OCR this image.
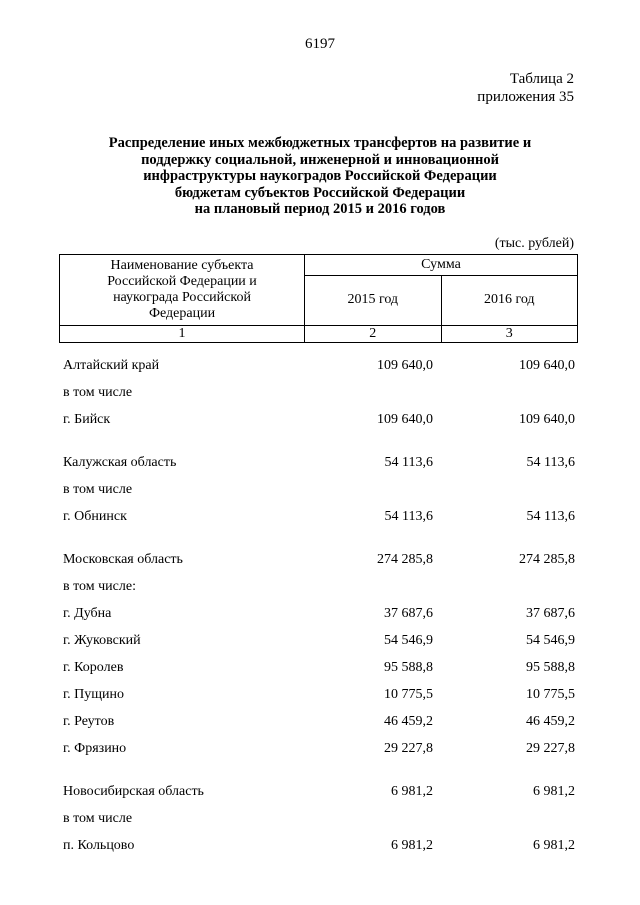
6197
Таблица 2
приложения 35
Распределение иных межбюджетных трансфертов на развитие и
поддержку социальной, инженерной и инновационной
инфраструктуры наукоградов Российской Федерации
бюджетам субъектов Российской Федерации
на плановый период 2015 и 2016 годов
(тыс. рублей)
Наименование субъекта
Российской Федерации и
наукограда Российской
Федерации	Сумма	
	2015 год	2016 год
1	2	3
Алтайский край	109 640,0	109 640,0
в том числе
г. Бийск	109 640,0	109 640,0
Калужская область	54 113,6	54 113,6
в том числе
г. Обнинск	54 113,6	54 113,6
Московская область	274 285,8	274 285,8
в том числе:
г. Дубна	37 687,6	37 687,6
г. Жуковский	54 546,9	54 546,9
г. Королев	95 588,8	95 588,8
г. Пущино	10 775,5	10 775,5
г. Реутов	46 459,2	46 459,2
г. Фрязино	29 227,8	29 227,8
Новосибирская область	6 981,2	6 981,2
в том числе
п. Кольцово	6 981,2	6 981,2
